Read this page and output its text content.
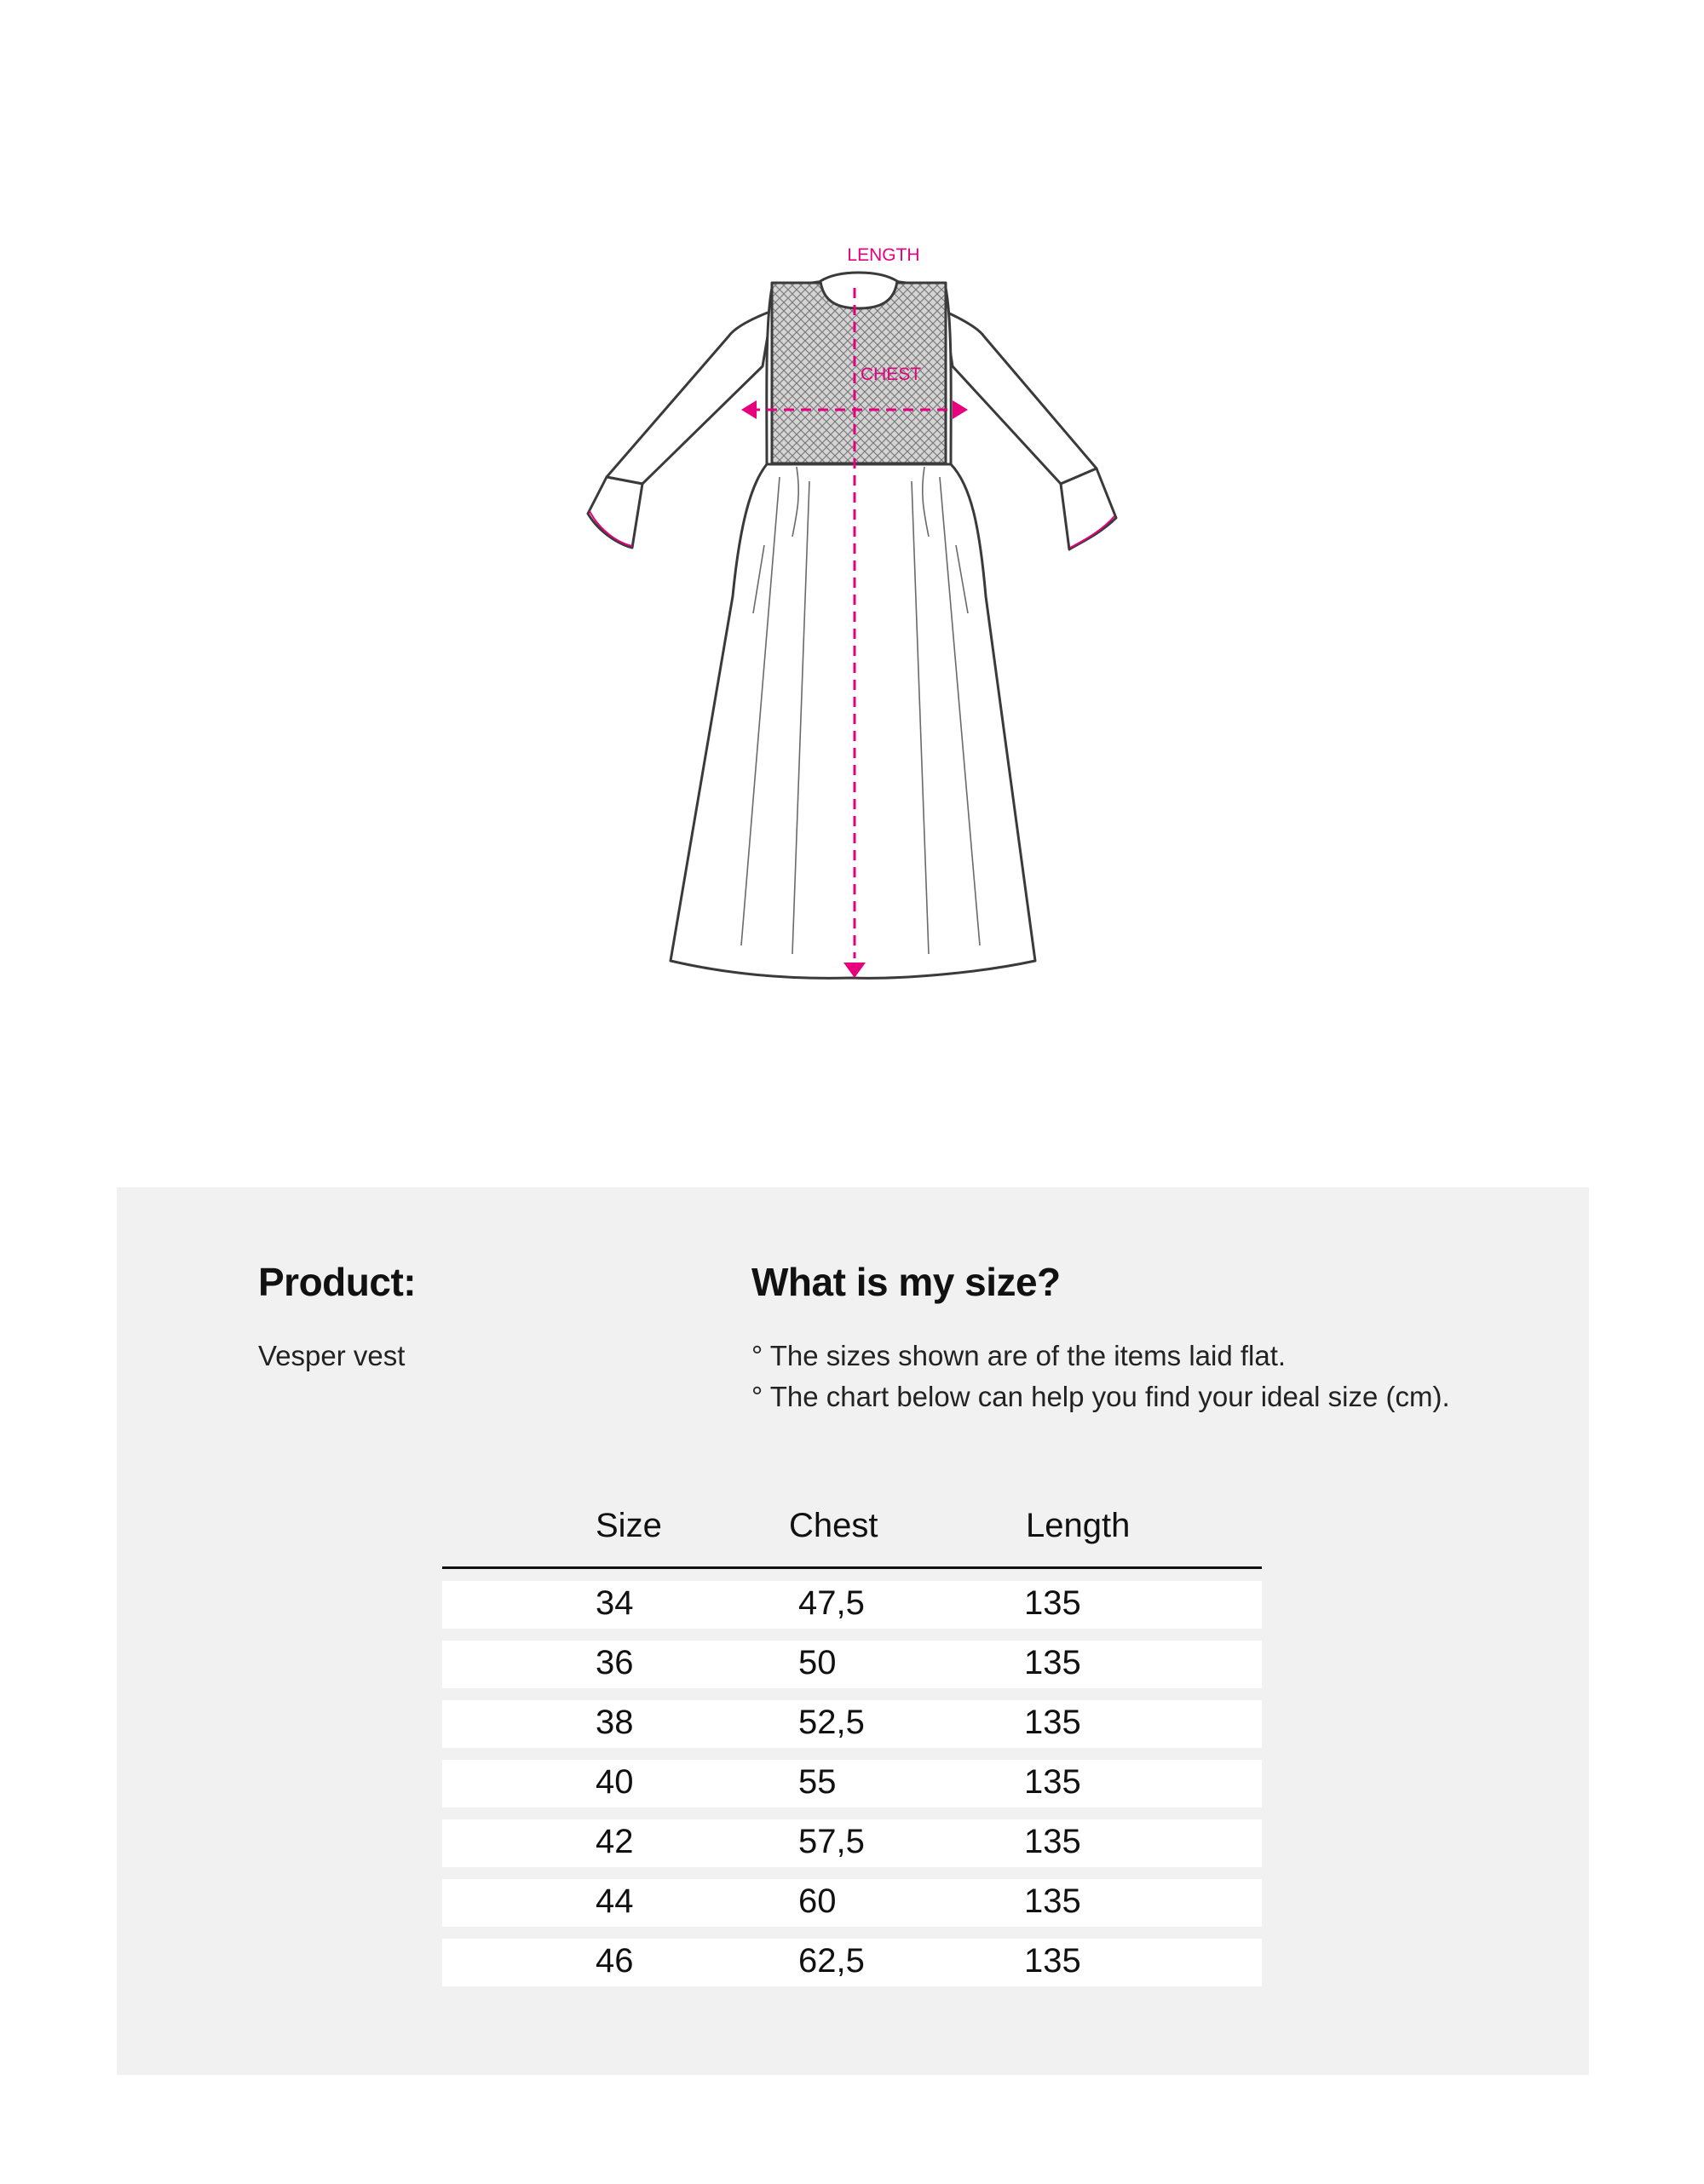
LENGTH
CHEST
Product:
Vesper vest
What is my size?
° The sizes shown are of the items laid flat.
° The chart below can help you find your ideal size (cm).
Size	Chest	Length
34	47,5	135
36	50	135
38	52,5	135
40	55	135
42	57,5	135
44	60	135
46	62,5	135
